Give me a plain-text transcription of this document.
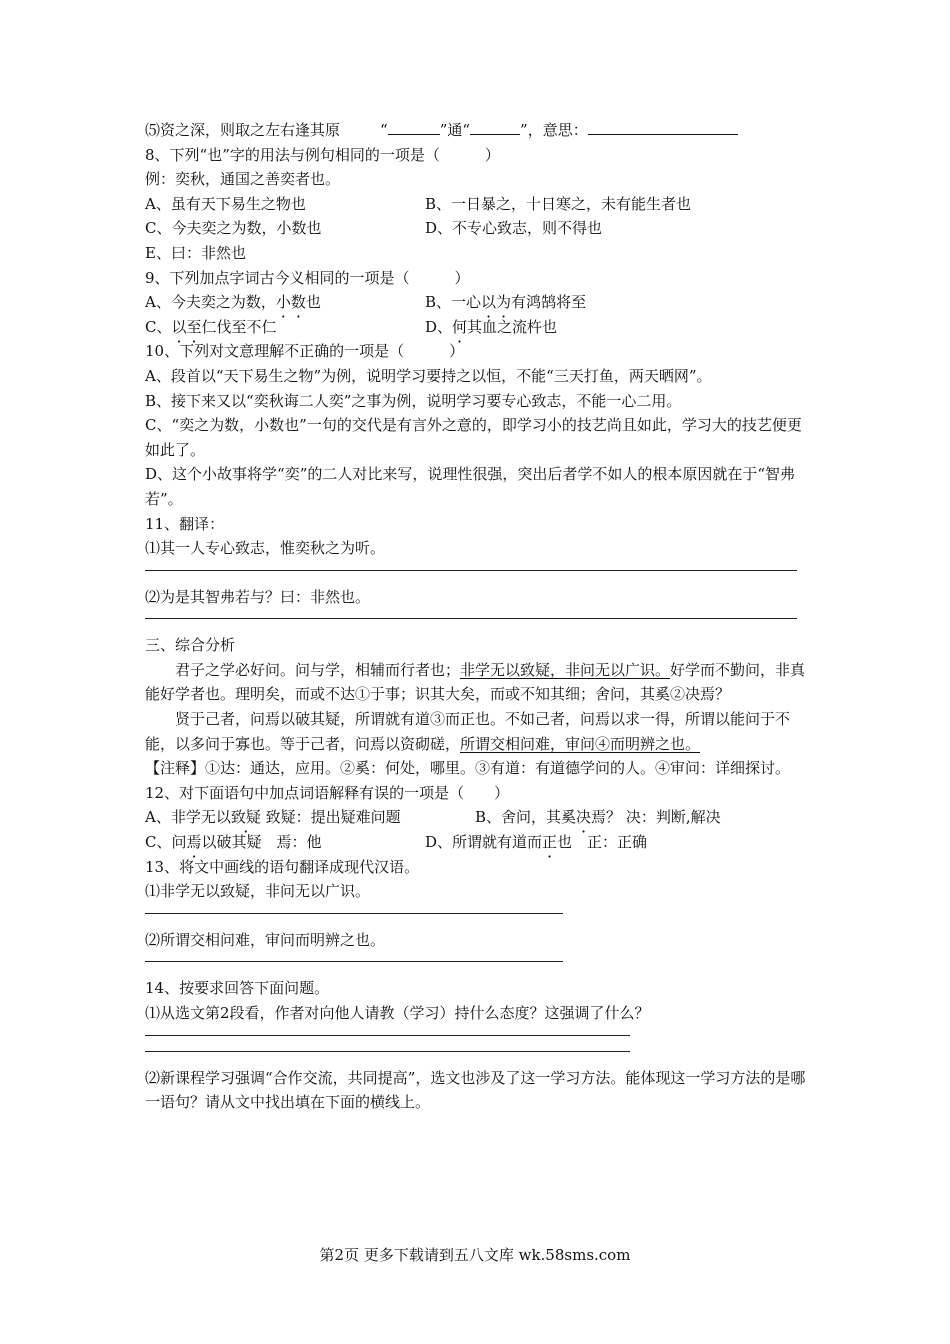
⑸资之深，则取之左右逢其原	“	”通“	”，意思：
8、下列“也”字的用法与例句相同的一项是（　　　）
例：奕秋，通国之善奕者也。
A、虽有天下易生之物也	B、一日暴之，十日寒之，未有能生者也
C、今夫奕之为数，小数也	D、不专心致志，则不得也
E、曰：非然也
9、下列加点字词古今义相同的一项是（　　　）
A、今夫奕之为数，小数也	B、一心以为有鸿鹄将至
C、以至仁伐至不仁	D、何其血之流杵也
10、下列对文意理解不正确的一项是（　　　）
A、段首以“天下易生之物”为例，说明学习要持之以恒，不能“三天打鱼，两天晒网”。
B、接下来又以“奕秋诲二人奕”之事为例，说明学习要专心致志，不能一心二用。
C、“奕之为数，小数也”一句的交代是有言外之意的，即学习小的技艺尚且如此，学习大的技艺便更如此了。
D、这个小故事将学“奕”的二人对比来写，说理性很强，突出后者学不如人的根本原因就在于“智弗若”。
11、翻译：
⑴其一人专心致志，惟奕秋之为听。
⑵为是其智弗若与？曰：非然也。
三、综合分析
君子之学必好问。问与学，相辅而行者也；非学无以致疑，非问无以广识。好学而不勤问，非真能好学者也。理明矣，而或不达①于事；识其大矣，而或不知其细；舍问，其奚②决焉？
贤于己者，问焉以破其疑，所谓就有道③而正也。不如己者，问焉以求一得，所谓以能问于不能，以多问于寡也。等于己者，问焉以资砌磋，所谓交相问难，审问④而明辨之也。
【注释】①达：通达，应用。②奚：何处，哪里。③有道：有道德学问的人。④审问：详细探讨。
12、对下面语句中加点词语解释有误的一项是（　　）
A、非学无以致疑 致疑：提出疑难问题	B、舍问，其奚决焉？ 决：判断,解决
C、问焉以破其疑　焉：他	D、所谓就有道而正也　正：正确
13、将文中画线的语句翻译成现代汉语。
⑴非学无以致疑，非问无以广识。
⑵所谓交相问难，审问而明辨之也。
14、按要求回答下面问题。
⑴从选文第2段看，作者对向他人请教（学习）持什么态度？这强调了什么？
⑵新课程学习强调“合作交流，共同提高”，选文也涉及了这一学习方法。能体现这一学习方法的是哪一语句？请从文中找出填在下面的横线上。
第2页 更多下载请到五八文库 wk.58sms.com
